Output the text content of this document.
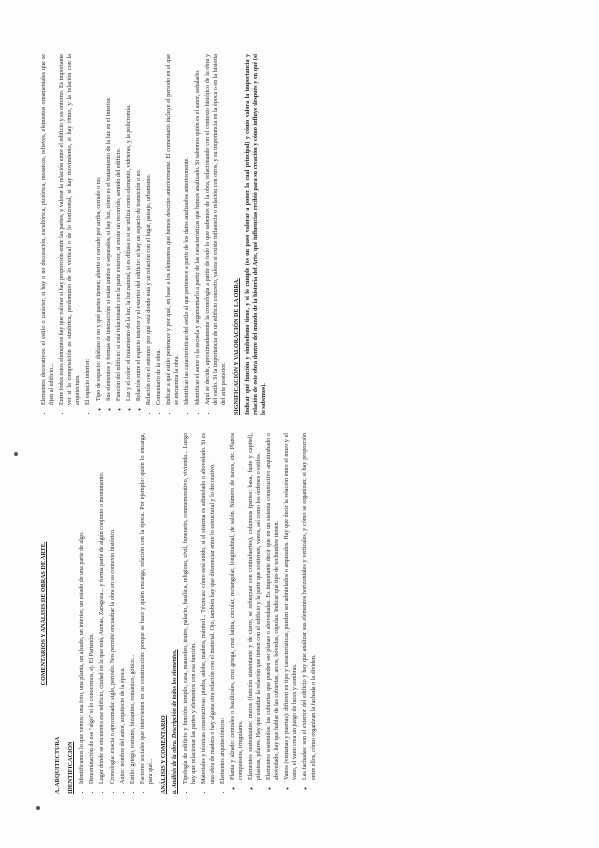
COMENTARIOS Y ANÁLISIS DE OBRAS DE ARTE.
A. ARQUITECTURA IDENTIFICACIÓN • Identificamos lo que vemos: una foto, una planta, un alzado, un interior, un estado de una parte de algo. • Denominación de ese "algo" si lo conocemos, ej. El Partenón. • Lugar donde se encuentra ese edificio, ciudad en la que está, Atenas, Zaragoza... y forma parte de algún conjunto o monumento. • Cronología: exacta o aproximada: siglo, periodo. Nos permite encuadrar la obra en su contexto histórico. • Autor: nombre del autor, arquitecto de la época. • Estilo: griego, romano, bizantino, románico, gótico... • Factores sociales que intervienen en su construcción: porque se hace y quién encarga, relación con la época. Por ejemplo: quién lo encarga, para qué... ANÁLISIS Y COMENTARIO a. Análisis de la obra. Descripción de todos los elementos. • Tipología de edificio y función: templo, casa, mausoleo, teatro, palacio, basílica, religioso, civil, funerario, conmemorativo, vivienda... Luego hay que relacionar las partes y elementos con esa función. • Materiales y técnicas constructivas: piedra, adobe, madera, mármol... Técnicas: cómo está unido, si el sistema es adintelado o abovedado. Si es una obra de madera o hay alguna otra relación con el material. Ojo, también hay que diferenciar entre lo estructural y lo decorativo. • Elementos arquitectónicos: ◦ Planta y alzado: centrales o basilicales, cruz griega, cruz latina, circular, rectangular, longitudinal, de salón. Número de naves, etc. Planos compuestos, irregulares. ◦ Elementos sustentantes: muros (función sustentante y de cierre, se refuerzan con contrafuertes), columnas (partes: basa, fuste y capitel), pilastras, pilares. Hay que estudiar la relación que tienen con el edificio y la parte que sostienen, vanos, así como los órdenes o estilos. ◦ Elementos sostenidos: las cubiertas que pueden ser planas o abovedadas. Es importante decir que en un sistema constructivo arquitrabado o abovedado, hay que hablar de las cubiertas, arcos, bóvedas, cúpulas. Indicar qué tipo de techumbre tienen. ◦ Vanos (ventanas y puertas): difieren en tipo y características, pueden ser adintelados o arqueados. Hay que decir la relación entre el muro y el vano, el vano crea un juego de luces y sombras. ◦ Las fachadas: son el exterior del edificio y hay que analizar sus elementos horizontales y verticales, y cómo se organizan; si hay proporción entre ellos, cómo organizan la fachada o la dividen.
• Elementos decorativos: el estilo o carácter, si hay o no decoración, escultórica, pictórica, mosaicos, relieves, elementos ornamentales que se fijen al edificio... • Entre todos estos elementos hay que valorar si hay proporción entre las partes, y valorar la relación entre el edificio y su entorno. Es importante ver si la composición es simétrica, predominio de lo vertical o de lo horizontal, si hay movimiento, si hay ritmo, y la relación con la arquitectura. • El espacio interior: ◦ Tipo de espacio: diáfano o no y qué partes tienen; abierto o cerrado por arriba, cerrado o no. ◦ Sus elementos y formas de interacción: si están unidos o separados, si hay luz, cómo es el tratamiento de la luz en el interior. ◦ Función del edificio: si está relacionado con la parte exterior, si existe un recorrido, sentido del edificio. ◦ Luz y el color: el tratamiento de la luz, la luz natural, si es difusa o si se utiliza como elemento, vidrieras, y la policromía. ◦ Relación entre el espacio interior y el exterior del edificio: si hay un espacio de transición o no. • Relación con el entorno: por qué está donde está y su relación con el lugar, paisaje, urbanismo. • Comentario de la obra. • Indicar a qué estilo pertenece y por qué, en base a los elementos que hemos descrito anteriormente. El comentario incluye el periodo en el que se encuentra la obra. • Identificar las características del estilo al que pertenece a partir de los datos analizados anteriormente. • Identificar el autor o la escuela y argumentarlo a partir de las características que hemos analizado. Si sabemos quién es el autor, señalarlo. • Aquí se decide, aproximadamente la cronología a partir de todo lo que sabemos de la obra, relacionando con el contexto histórico de la obra y del estilo. Si la importancia de un edificio concreto, valora si existe influencia o relación con otros, y su importancia en la época o en la historia del arte posterior. SIGNIFICACIÓN Y VALORACIÓN DE LA OBRA. Indicar qué función y simbolismo tiene, y si lo cumple (es un paso valorar a poner la cual principal) y cómo valora la importancia y relación de este obra dentro del mundo de la historia del Arte, qué influencias recibió para su creación y cómo influye después y en qué (si lo sabemos).
